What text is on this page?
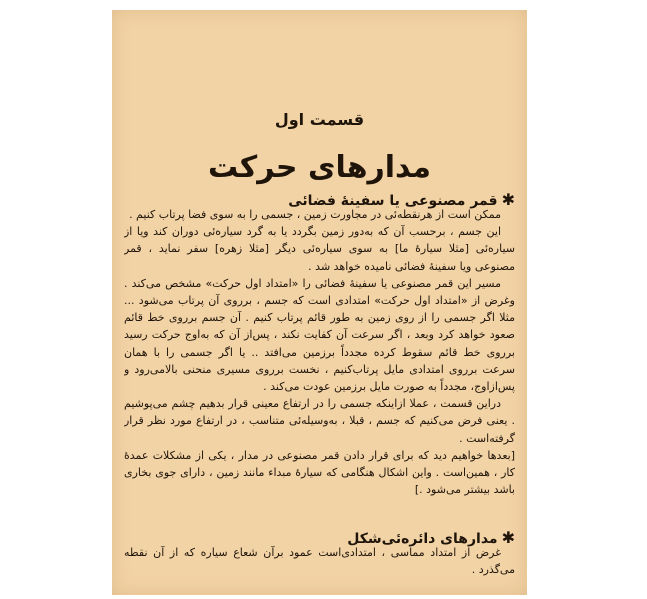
قسمت اول
مدارهای حرکت
✱قمر مصنوعی یا سفینهٔ فضائی

ممکن است از هرنقطه‌ئی در مجاورت زمین ، جسمی را به سوی فضا پرتاب کنیم .

این جسم ، برحسب آن که به‌دور زمین بگردد یا به گرد سیاره‌ئی دوران کند ویا از سیاره‌ئی [مثلا سیارهٔ ما] به سوی سیاره‌ئی دیگر [مثلا زهره] سفر نماید ، قمر مصنوعی ویا سفینهٔ فضائی نامیده خواهد شد .

مسیر این قمر مصنوعی یا سفینهٔ فضائی را «امتداد اول حرکت» مشخص می‌کند . وغرض از «امتداد اول حرکت» امتدادی است که جسم ، برروی آن پرتاب می‌شود ... مثلا اگر جسمی را از روی زمین به طور قائم پرتاب کنیم . آن جسم برروی خط قائم صعود خواهد کرد وبعد ، اگر سرعت آن کفایت نکند ، پس‌از آن که به‌اوج حرکت رسید برروی خط قائم سقوط کرده مجدداً برزمین می‌افتد .. یا اگر جسمی را با همان سرعت برروی امتدادی مایل پرتاب‌کنیم ، نخست برروی مسیری منحنی بالا‌می‌رود و پس‌ازاوج، مجدداً به صورت مایل برزمین عودت می‌کند .

دراین قسمت ، عملا ازاینکه جسمی را در ارتفاع معینی قرار بدهیم چشم می‌پوشیم . یعنی فرض می‌کنیم که جسم ، قبلا ، به‌وسیله‌ئی متناسب ، در ارتفاع مورد نظر قرار گرفته‌است .

[بعدها خواهیم دید که برای قرار دادن قمر مصنوعی در مدار ، یکی از مشکلات عمدهٔ کار ، همین‌است . واین اشکال هنگامی که سیارهٔ مبداء مانند زمین ، دارای جوی بخاری باشد بیشتر می‌شود .]

✱مدارهای دائره‌ئی‌شکل

غرض از امتداد مماسی ، امتدادی‌است عمود برآن شعاع سیاره که از آن نقطه می‌گذرد .
